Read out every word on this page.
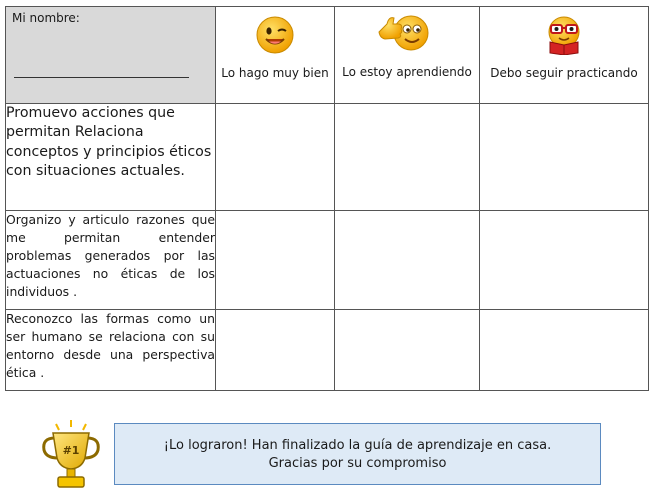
Mi nombre:	Lo hago muy bien	Lo estoy aprendiendo	Debo seguir practicando

Promuevo acciones que permitan Relaciona conceptos y principios éticos con situaciones actuales.			
Organizo y articulo razones que me permitan entender problemas generados por las actuaciones no éticas de los individuos .			
Reconozco las formas como un ser humano se relaciona con su entorno desde una perspectiva ética .			
#1	¡Lo lograron! Han finalizado la guía de aprendizaje en casa.
Gracias por su compromiso
